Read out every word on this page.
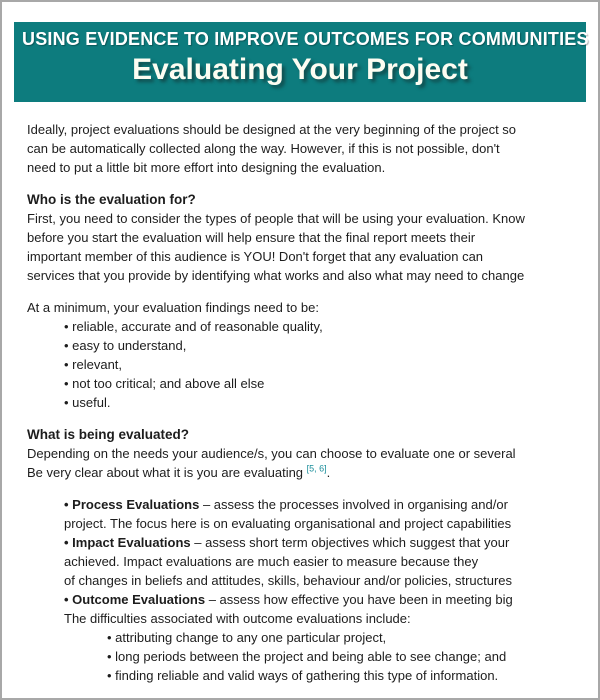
USING EVIDENCE TO IMPROVE OUTCOMES FOR COMMUNITIES
Evaluating Your Project

Ideally, project evaluations should be designed at the very beginning of the project so

can be automatically collected along the way. However, if this is not possible, don't

need to put a little bit more effort into designing the evaluation.

Who is the evaluation for?

First, you need to consider the types of people that will be using your evaluation. Know

before you start the evaluation will help ensure that the final report meets their

important member of this audience is YOU! Don't forget that any evaluation can

services that you provide by identifying what works and also what may need to change

At a minimum, your evaluation findings need to be:

• reliable, accurate and of reasonable quality,

• easy to understand,

• relevant,

• not too critical; and above all else

• useful.

What is being evaluated?

Depending on the needs your audience/s, you can choose to evaluate one or several

Be very clear about what it is you are evaluating [5, 6].

• Process Evaluations – assess the processes involved in organising and/or

project. The focus here is on evaluating organisational and project capabilities

• Impact Evaluations – assess short term objectives which suggest that your

achieved. Impact evaluations are much easier to measure because they

of changes in beliefs and attitudes, skills, behaviour and/or policies, structures

• Outcome Evaluations – assess how effective you have been in meeting big

The difficulties associated with outcome evaluations include:

• attributing change to any one particular project,

• long periods between the project and being able to see change; and

• finding reliable and valid ways of gathering this type of information.
